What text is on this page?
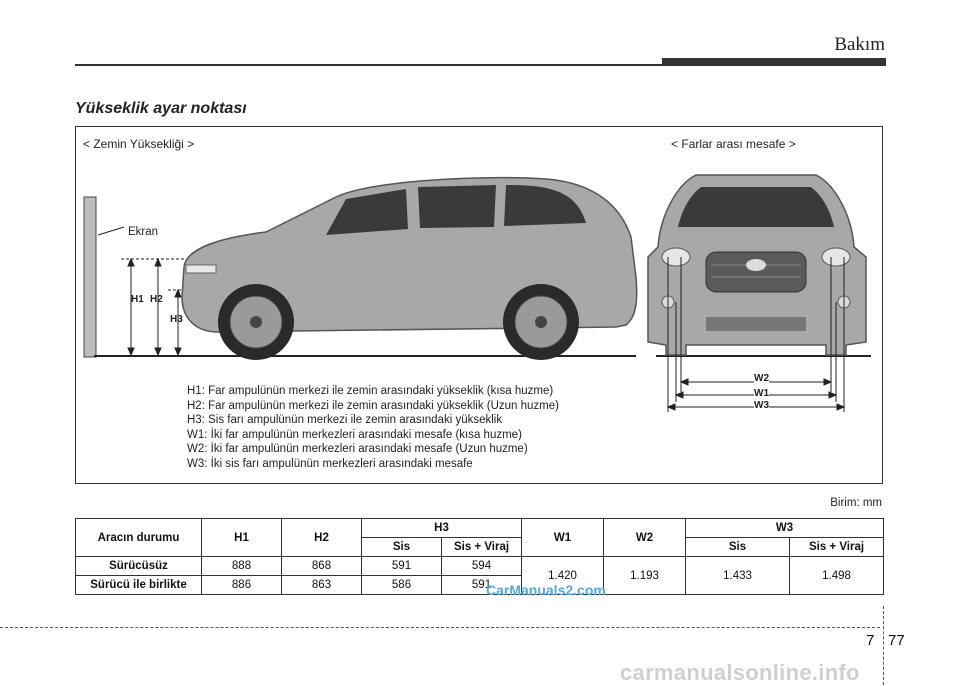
Bakım
Yükseklik ayar noktası
< Zemin Yüksekliği >	< Farlar arası mesafe >
Ekran
H1 H2
H3
W2
W1
W3
H1: Far ampulünün merkezi ile zemin arasındaki yükseklik (kısa huzme)
H2: Far ampulünün merkezi ile zemin arasındaki yükseklik (Uzun huzme)
H3: Sis farı ampulünün merkezi ile zemin arasındaki yükseklik
W1: İki far ampulünün merkezleri arasındaki mesafe (kısa huzme)
W2: İki far ampulünün merkezleri arasındaki mesafe (Uzun huzme)
W3: İki sis farı ampulünün merkezleri arasındaki mesafe
Birim: mm
Aracın durumu	H1	H2	H3		W1	W2	W3	
			Sis	Sis + Viraj			Sis	Sis + Viraj
Sürücüsüz	888	868	591	594	1.420	1.193	1.433	1.498
Sürücü ile birlikte	886	863	586	591				
CarManuals2.com
7 77
carmanualsonline.info
